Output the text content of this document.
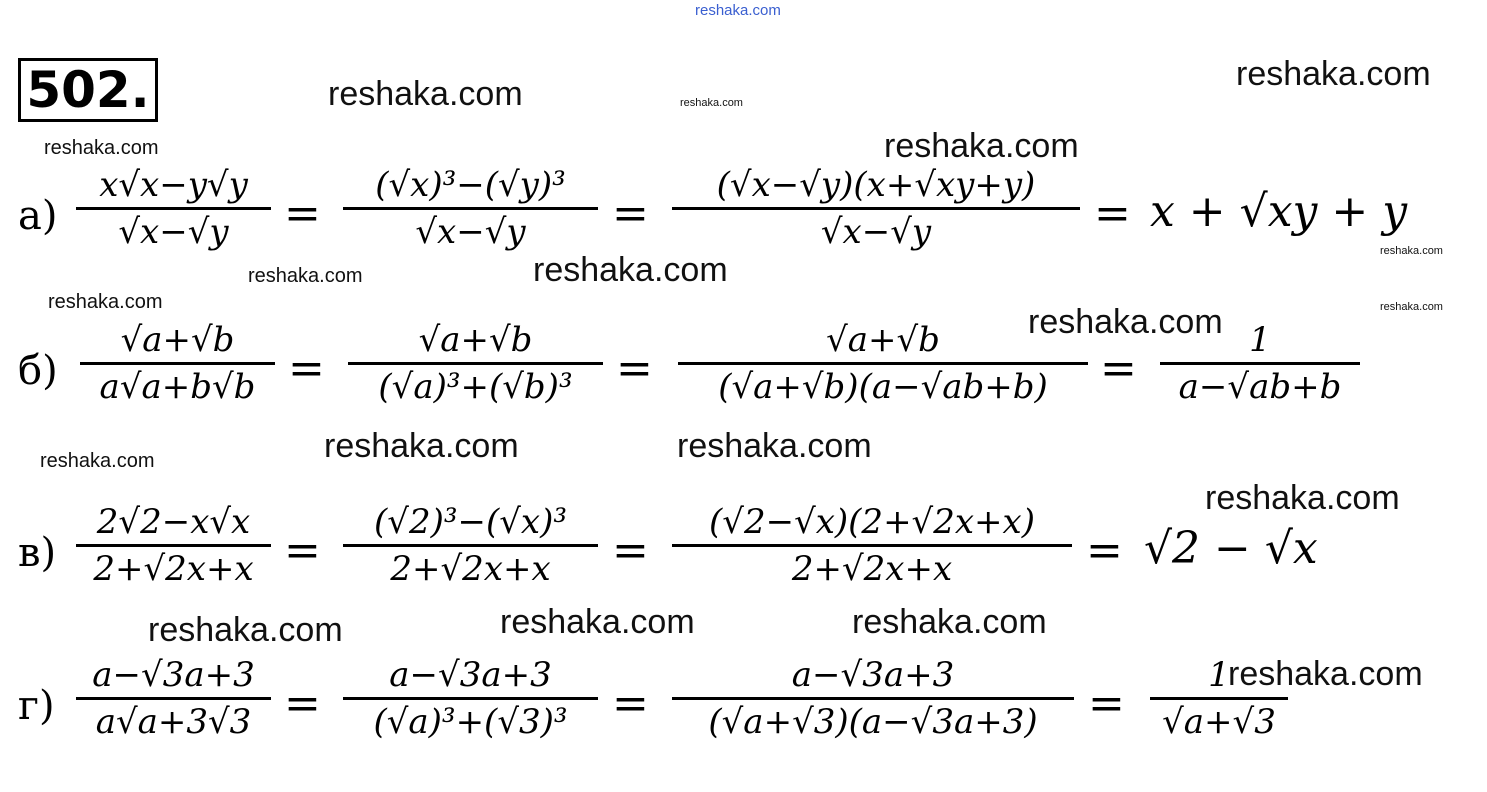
502.
reshaka.com
reshaka.com	reshaka.com
reshaka.com
reshaka.com	reshaka.com
reshaka.com
reshaka.com	reshaka.com
reshaka.com	reshaka.com
reshaka.com
reshaka.com	reshaka.com
reshaka.com
reshaka.com
reshaka.com	reshaka.com	reshaka.com
reshaka.com
а)
x√x−y√y
√x−√y	=
(√x)³−(√y)³
√x−√y	=
(√x−√y)(x+√xy+y)
√x−√y	= x + √xy + y
б)
√a+√b
a√a+b√b =
√a+√b
(√a)³+(√b)³ =
√a+√b
(√a+√b)(a−√ab+b)	=
1
a−√ab+b
в)
2√2−x√x
2+√2x+x =
(√2)³−(√x)³
2+√2x+x	=
(√2−√x)(2+√2x+x)
2+√2x+x	= √2 − √x
г)
a−√3a+3
a√a+3√3 =
a−√3a+3
(√a)³+(√3)³	=
a−√3a+3
(√a+√3)(a−√3a+3)	=
1
√a+√3
